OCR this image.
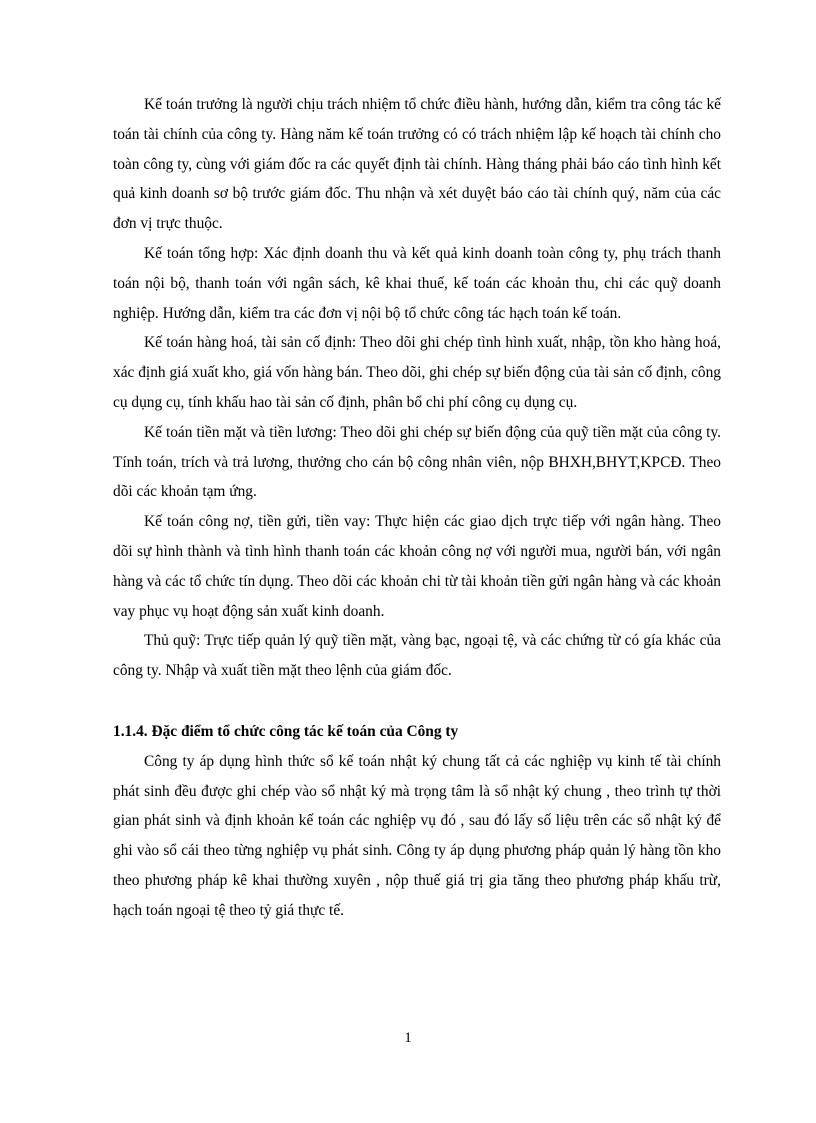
Kế toán trưởng là người chịu trách nhiệm tổ chức điều hành, hướng dẫn, kiểm tra công tác kế toán tài chính của công ty. Hàng năm kế toán trưởng có có trách nhiệm lập kế hoạch tài chính cho toàn công ty, cùng với giám đốc ra các quyết định tài chính. Hàng tháng phải báo cáo tình hình kết quả kinh doanh sơ bộ trước giám đốc. Thu nhận và xét duyệt báo cáo tài chính quý, năm của các đơn vị trực thuộc.

Kế toán tổng hợp: Xác định doanh thu và kết quả kinh doanh toàn công ty, phụ trách thanh toán nội bộ, thanh toán với ngân sách, kê khai thuế, kế toán các khoản thu, chi các quỹ doanh nghiệp. Hướng dẫn, kiểm tra các đơn vị nội bộ tổ chức công tác hạch toán kế toán.

Kế toán hàng hoá, tài sản cố định: Theo dõi ghi chép tình hình xuất, nhập, tồn kho hàng hoá, xác định giá xuất kho, giá vốn hàng bán. Theo dõi, ghi chép sự biến động của tài sản cố định, công cụ dụng cụ, tính khấu hao tài sản cố định, phân bổ chi phí công cụ dụng cụ.

Kế toán tiền mặt và tiền lương: Theo dõi ghi chép sự biến động của quỹ tiền mặt của công ty. Tính toán, trích và trả lương, thưởng cho cán bộ công nhân viên, nộp BHXH,BHYT,KPCĐ. Theo dõi các khoản tạm ứng.

Kế toán công nợ, tiền gửi, tiền vay: Thực hiện các giao dịch trực tiếp với ngân hàng. Theo dõi sự hình thành và tình hình thanh toán các khoản công nợ với người mua, người bán, với ngân hàng và các tổ chức tín dụng. Theo dõi các khoản chi từ tài khoản tiền gửi ngân hàng và các khoản vay phục vụ hoạt động sản xuất kinh doanh.

Thủ quỹ: Trực tiếp quản lý quỹ tiền mặt, vàng bạc, ngoại tệ, và các chứng từ có gía khác của công ty. Nhập và xuất tiền mặt theo lệnh của giám đốc.

1.1.4. Đặc điểm tổ chức công tác kế toán của Công ty

Công ty áp dụng hình thức sổ kế toán nhật ký chung tất cả các nghiệp vụ kinh tế tài chính phát sinh đều được ghi chép vào sổ nhật ký mà trọng tâm là sổ nhật ký chung , theo trình tự thời gian phát sinh và định khoản kế toán các nghiệp vụ đó , sau đó lấy số liệu trên các sổ nhật ký để ghi vào sổ cái theo từng nghiệp vụ phát sinh. Công ty áp dụng phương pháp quản lý hàng tồn kho theo phương pháp kê khai thường xuyên , nộp thuế giá trị gia tăng theo phương pháp khấu trừ, hạch toán ngoại tệ theo tỷ giá thực tế.

1
